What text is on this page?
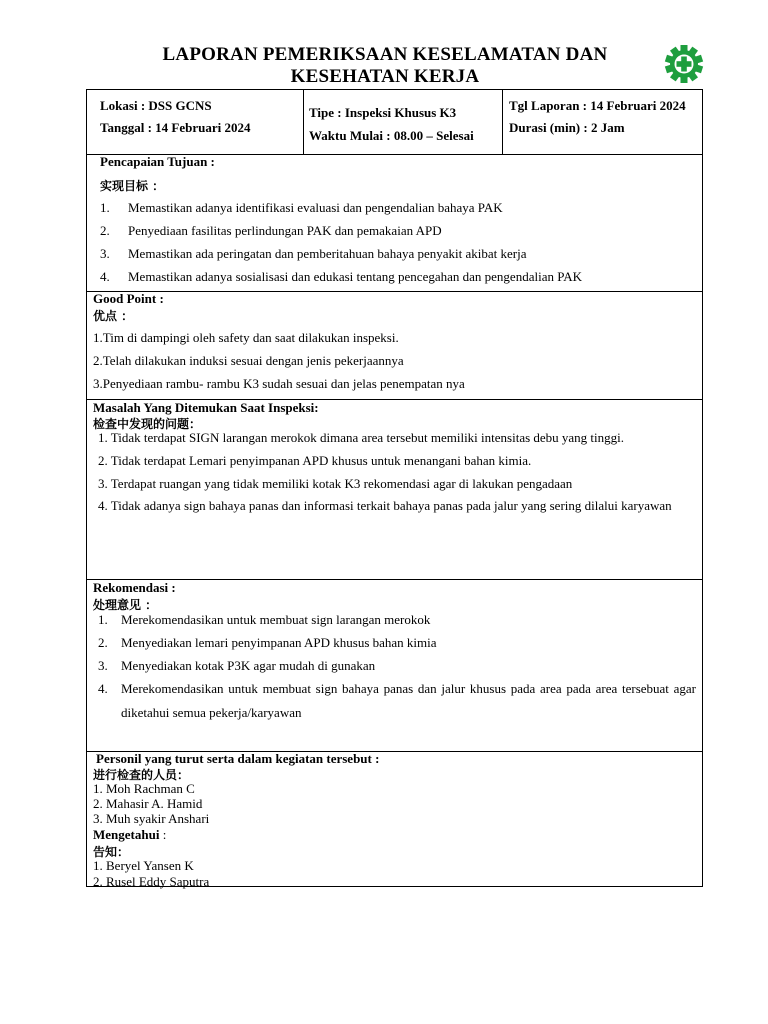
LAPORAN PEMERIKSAAN KESELAMATAN DAN
KESEHATAN KERJA
Lokasi : DSS GCNS
Tanggal : 14 Februari 2024
Tipe : Inspeksi Khusus K3
Waktu Mulai : 08.00 – Selesai
Tgl Laporan : 14 Februari 2024
Durasi (min) : 2 Jam
Pencapaian Tujuan :
实现目标 ：
1. Memastikan adanya identifikasi evaluasi dan pengendalian bahaya PAK
2. Penyediaan fasilitas perlindungan PAK dan pemakaian APD
3. Memastikan ada peringatan dan pemberitahuan bahaya penyakit akibat kerja
4. Memastikan adanya sosialisasi dan edukasi tentang pencegahan dan pengendalian PAK
Good Point :
优点 ：
1.Tim di dampingi oleh safety dan saat dilakukan inspeksi.
2.Telah dilakukan induksi sesuai dengan jenis pekerjaannya
3.Penyediaan rambu- rambu K3 sudah sesuai dan jelas penempatan nya
Masalah Yang Ditemukan Saat Inspeksi:
检查中发现的问题：
1. Tidak terdapat SIGN larangan merokok dimana area tersebut memiliki intensitas debu yang tinggi.
2. Tidak terdapat Lemari penyimpanan APD khusus untuk menangani bahan kimia.
3. Terdapat ruangan yang tidak memiliki kotak K3 rekomendasi agar di lakukan pengadaan
4. Tidak adanya sign bahaya panas dan informasi terkait bahaya panas pada jalur yang sering dilalui karyawan
Rekomendasi :
处理意见 ：
1. Merekomendasikan untuk membuat sign larangan merokok
2. Menyediakan lemari penyimpanan APD khusus bahan kimia
3. Menyediakan kotak P3K agar mudah di gunakan
4. Merekomendasikan untuk membuat sign bahaya panas dan jalur khusus pada area pada area tersebuat agar diketahui semua pekerja/karyawan
Personil yang turut serta dalam kegiatan tersebut :
进行检查的人员：
1. Moh Rachman C
2. Mahasir A. Hamid
3. Muh syakir Anshari
Mengetahui :
告知：
1. Beryel Yansen K
2. Rusel Eddy Saputra
